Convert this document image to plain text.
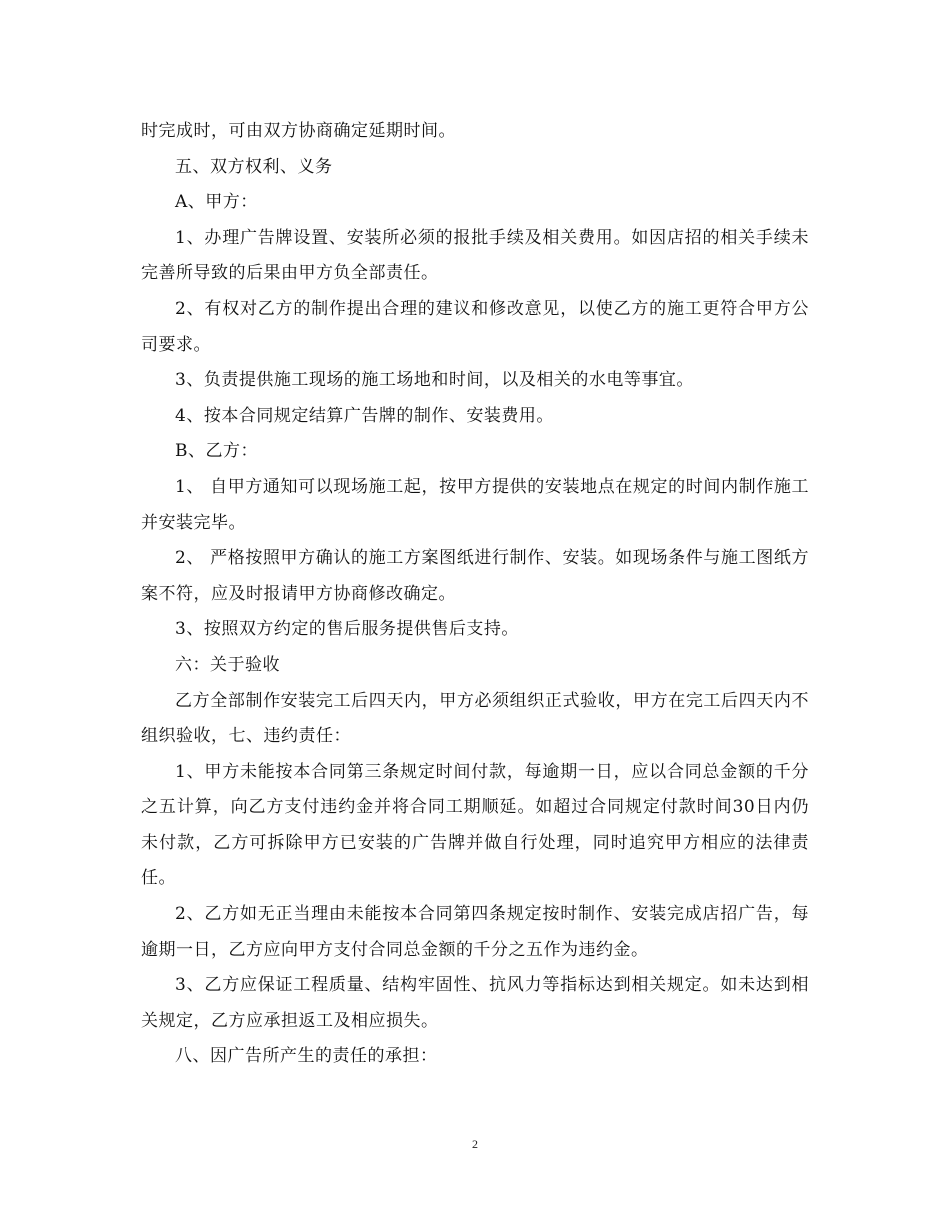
时完成时，可由双方协商确定延期时间。

五、双方权利、义务

A、甲方：

1、办理广告牌设置、安装所必须的报批手续及相关费用。如因店招的相关手续未完善所导致的后果由甲方负全部责任。

2、有权对乙方的制作提出合理的建议和修改意见，以使乙方的施工更符合甲方公司要求。

3、负责提供施工现场的施工场地和时间，以及相关的水电等事宜。

4、按本合同规定结算广告牌的制作、安装费用。

B、乙方：

1、 自甲方通知可以现场施工起，按甲方提供的安装地点在规定的时间内制作施工并安装完毕。

2、 严格按照甲方确认的施工方案图纸进行制作、安装。如现场条件与施工图纸方案不符，应及时报请甲方协商修改确定。

3、按照双方约定的售后服务提供售后支持。

六：关于验收

乙方全部制作安装完工后四天内，甲方必须组织正式验收，甲方在完工后四天内不组织验收，七、违约责任：

1、甲方未能按本合同第三条规定时间付款，每逾期一日，应以合同总金额的千分之五计算，向乙方支付违约金并将合同工期顺延。如超过合同规定付款时间30日内仍未付款，乙方可拆除甲方已安装的广告牌并做自行处理，同时追究甲方相应的法律责任。

2、乙方如无正当理由未能按本合同第四条规定按时制作、安装完成店招广告，每逾期一日，乙方应向甲方支付合同总金额的千分之五作为违约金。

3、乙方应保证工程质量、结构牢固性、抗风力等指标达到相关规定。如未达到相关规定，乙方应承担返工及相应损失。

八、因广告所产生的责任的承担：

2
